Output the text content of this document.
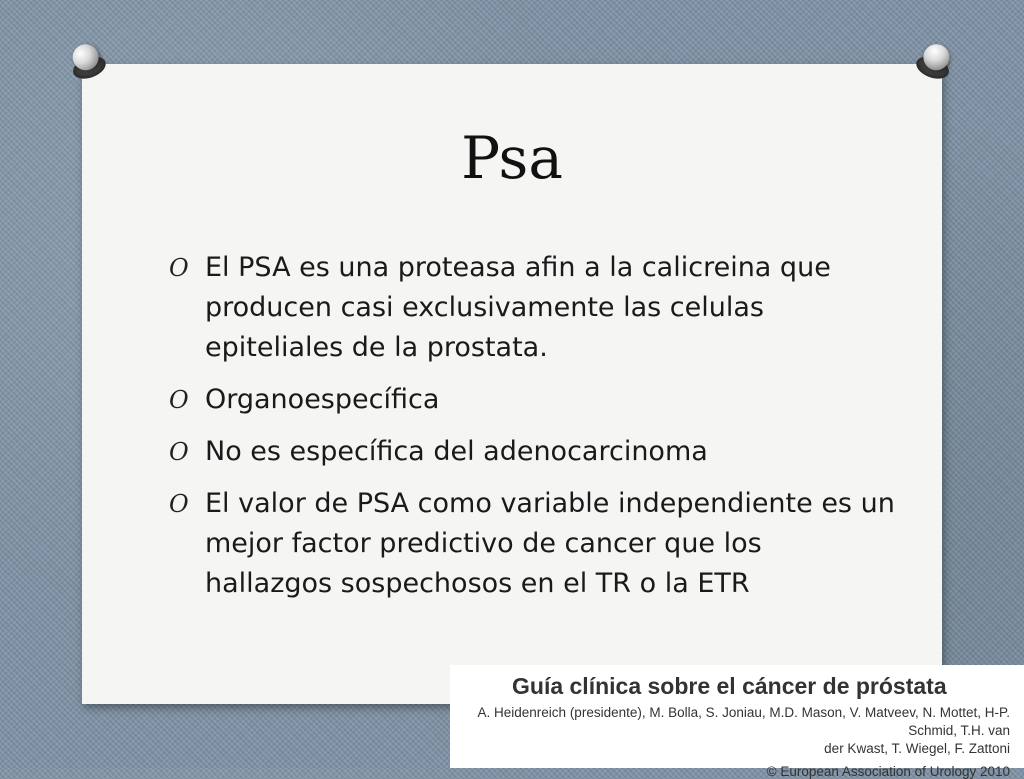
Psa
O El PSA es una proteasa afin a la calicreina que producen casi exclusivamente las celulas epiteliales de la prostata.
O Organoespecífica
O No es específica del adenocarcinoma
O El valor de PSA como variable independiente es un mejor factor predictivo de cancer que los hallazgos sospechosos en el TR o la ETR
Guía clínica sobre el cáncer de próstata
A. Heidenreich (presidente), M. Bolla, S. Joniau, M.D. Mason, V. Matveev, N. Mottet, H-P. Schmid, T.H. van
der Kwast, T. Wiegel, F. Zattoni
© European Association of Urology 2010
